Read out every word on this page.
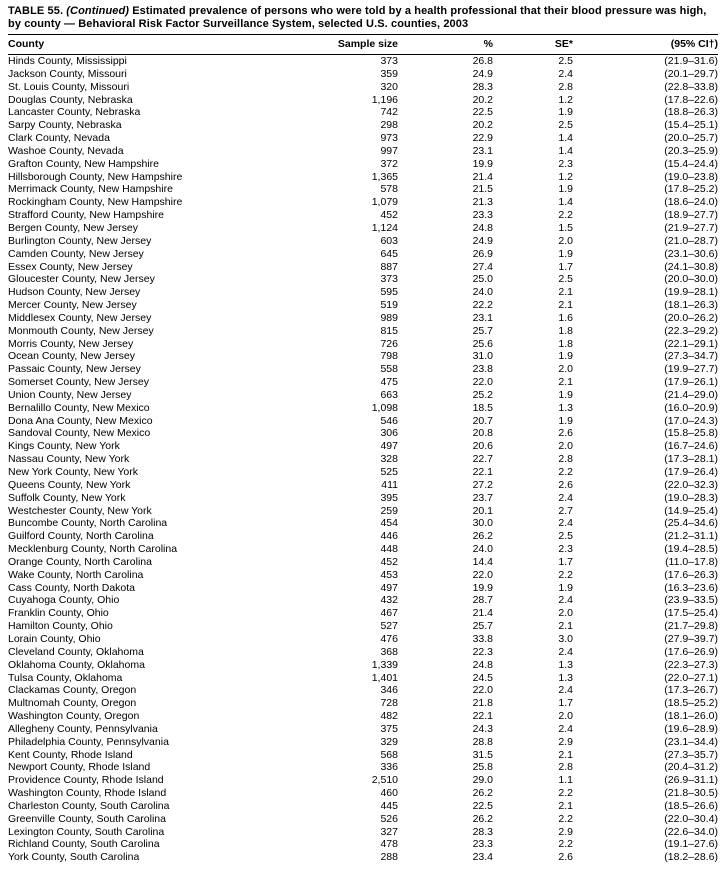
TABLE 55. (Continued) Estimated prevalence of persons who were told by a health professional that their blood pressure was high, by county — Behavioral Risk Factor Surveillance System, selected U.S. counties, 2003
County	Sample size	%	SE*	(95% CI†)
Hinds County, Mississippi	373	26.8	2.5	(21.9–31.6)
Jackson County, Missouri	359	24.9	2.4	(20.1–29.7)
St. Louis County, Missouri	320	28.3	2.8	(22.8–33.8)
Douglas County, Nebraska	1,196	20.2	1.2	(17.8–22.6)
Lancaster County, Nebraska	742	22.5	1.9	(18.8–26.3)
Sarpy County, Nebraska	298	20.2	2.5	(15.4–25.1)
Clark County, Nevada	973	22.9	1.4	(20.0–25.7)
Washoe County, Nevada	997	23.1	1.4	(20.3–25.9)
Grafton County, New Hampshire	372	19.9	2.3	(15.4–24.4)
Hillsborough County, New Hampshire	1,365	21.4	1.2	(19.0–23.8)
Merrimack County, New Hampshire	578	21.5	1.9	(17.8–25.2)
Rockingham County, New Hampshire	1,079	21.3	1.4	(18.6–24.0)
Strafford County, New Hampshire	452	23.3	2.2	(18.9–27.7)
Bergen County, New Jersey	1,124	24.8	1.5	(21.9–27.7)
Burlington County, New Jersey	603	24.9	2.0	(21.0–28.7)
Camden County, New Jersey	645	26.9	1.9	(23.1–30.6)
Essex County, New Jersey	887	27.4	1.7	(24.1–30.8)
Gloucester County, New Jersey	373	25.0	2.5	(20.0–30.0)
Hudson County, New Jersey	595	24.0	2.1	(19.9–28.1)
Mercer County, New Jersey	519	22.2	2.1	(18.1–26.3)
Middlesex County, New Jersey	989	23.1	1.6	(20.0–26.2)
Monmouth County, New Jersey	815	25.7	1.8	(22.3–29.2)
Morris County, New Jersey	726	25.6	1.8	(22.1–29.1)
Ocean County, New Jersey	798	31.0	1.9	(27.3–34.7)
Passaic County, New Jersey	558	23.8	2.0	(19.9–27.7)
Somerset County, New Jersey	475	22.0	2.1	(17.9–26.1)
Union County, New Jersey	663	25.2	1.9	(21.4–29.0)
Bernalillo County, New Mexico	1,098	18.5	1.3	(16.0–20.9)
Dona Ana County, New Mexico	546	20.7	1.9	(17.0–24.3)
Sandoval County, New Mexico	306	20.8	2.6	(15.8–25.8)
Kings County, New York	497	20.6	2.0	(16.7–24.6)
Nassau County, New York	328	22.7	2.8	(17.3–28.1)
New York County, New York	525	22.1	2.2	(17.9–26.4)
Queens County, New York	411	27.2	2.6	(22.0–32.3)
Suffolk County, New York	395	23.7	2.4	(19.0–28.3)
Westchester County, New York	259	20.1	2.7	(14.9–25.4)
Buncombe County, North Carolina	454	30.0	2.4	(25.4–34.6)
Guilford County, North Carolina	446	26.2	2.5	(21.2–31.1)
Mecklenburg County, North Carolina	448	24.0	2.3	(19.4–28.5)
Orange County, North Carolina	452	14.4	1.7	(11.0–17.8)
Wake County, North Carolina	453	22.0	2.2	(17.6–26.3)
Cass County, North Dakota	497	19.9	1.9	(16.3–23.6)
Cuyahoga County, Ohio	432	28.7	2.4	(23.9–33.5)
Franklin County, Ohio	467	21.4	2.0	(17.5–25.4)
Hamilton County, Ohio	527	25.7	2.1	(21.7–29.8)
Lorain County, Ohio	476	33.8	3.0	(27.9–39.7)
Cleveland County, Oklahoma	368	22.3	2.4	(17.6–26.9)
Oklahoma County, Oklahoma	1,339	24.8	1.3	(22.3–27.3)
Tulsa County, Oklahoma	1,401	24.5	1.3	(22.0–27.1)
Clackamas County, Oregon	346	22.0	2.4	(17.3–26.7)
Multnomah County, Oregon	728	21.8	1.7	(18.5–25.2)
Washington County, Oregon	482	22.1	2.0	(18.1–26.0)
Allegheny County, Pennsylvania	375	24.3	2.4	(19.6–28.9)
Philadelphia County, Pennsylvania	329	28.8	2.9	(23.1–34.4)
Kent County, Rhode Island	568	31.5	2.1	(27.3–35.7)
Newport County, Rhode Island	336	25.8	2.8	(20.4–31.2)
Providence County, Rhode Island	2,510	29.0	1.1	(26.9–31.1)
Washington County, Rhode Island	460	26.2	2.2	(21.8–30.5)
Charleston County, South Carolina	445	22.5	2.1	(18.5–26.6)
Greenville County, South Carolina	526	26.2	2.2	(22.0–30.4)
Lexington County, South Carolina	327	28.3	2.9	(22.6–34.0)
Richland County, South Carolina	478	23.3	2.2	(19.1–27.6)
York County, South Carolina	288	23.4	2.6	(18.2–28.6)
